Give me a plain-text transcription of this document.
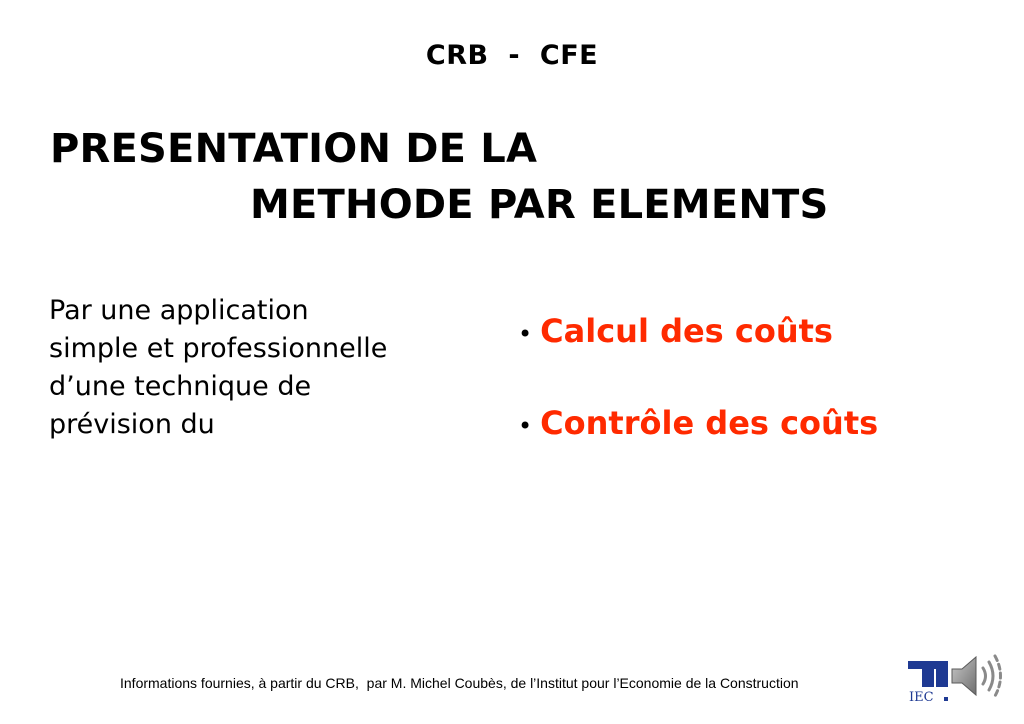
CRB  -  CFE
PRESENTATION DE LA
METHODE PAR ELEMENTS
Par une application
simple et professionnelle
d’une technique de
prévision du
• Calcul des coûts
• Contrôle des coûts
Informations fournies, à partir du CRB,  par M. Michel Coubès, de l’Institut pour l’Economie de la Construction
IEC
